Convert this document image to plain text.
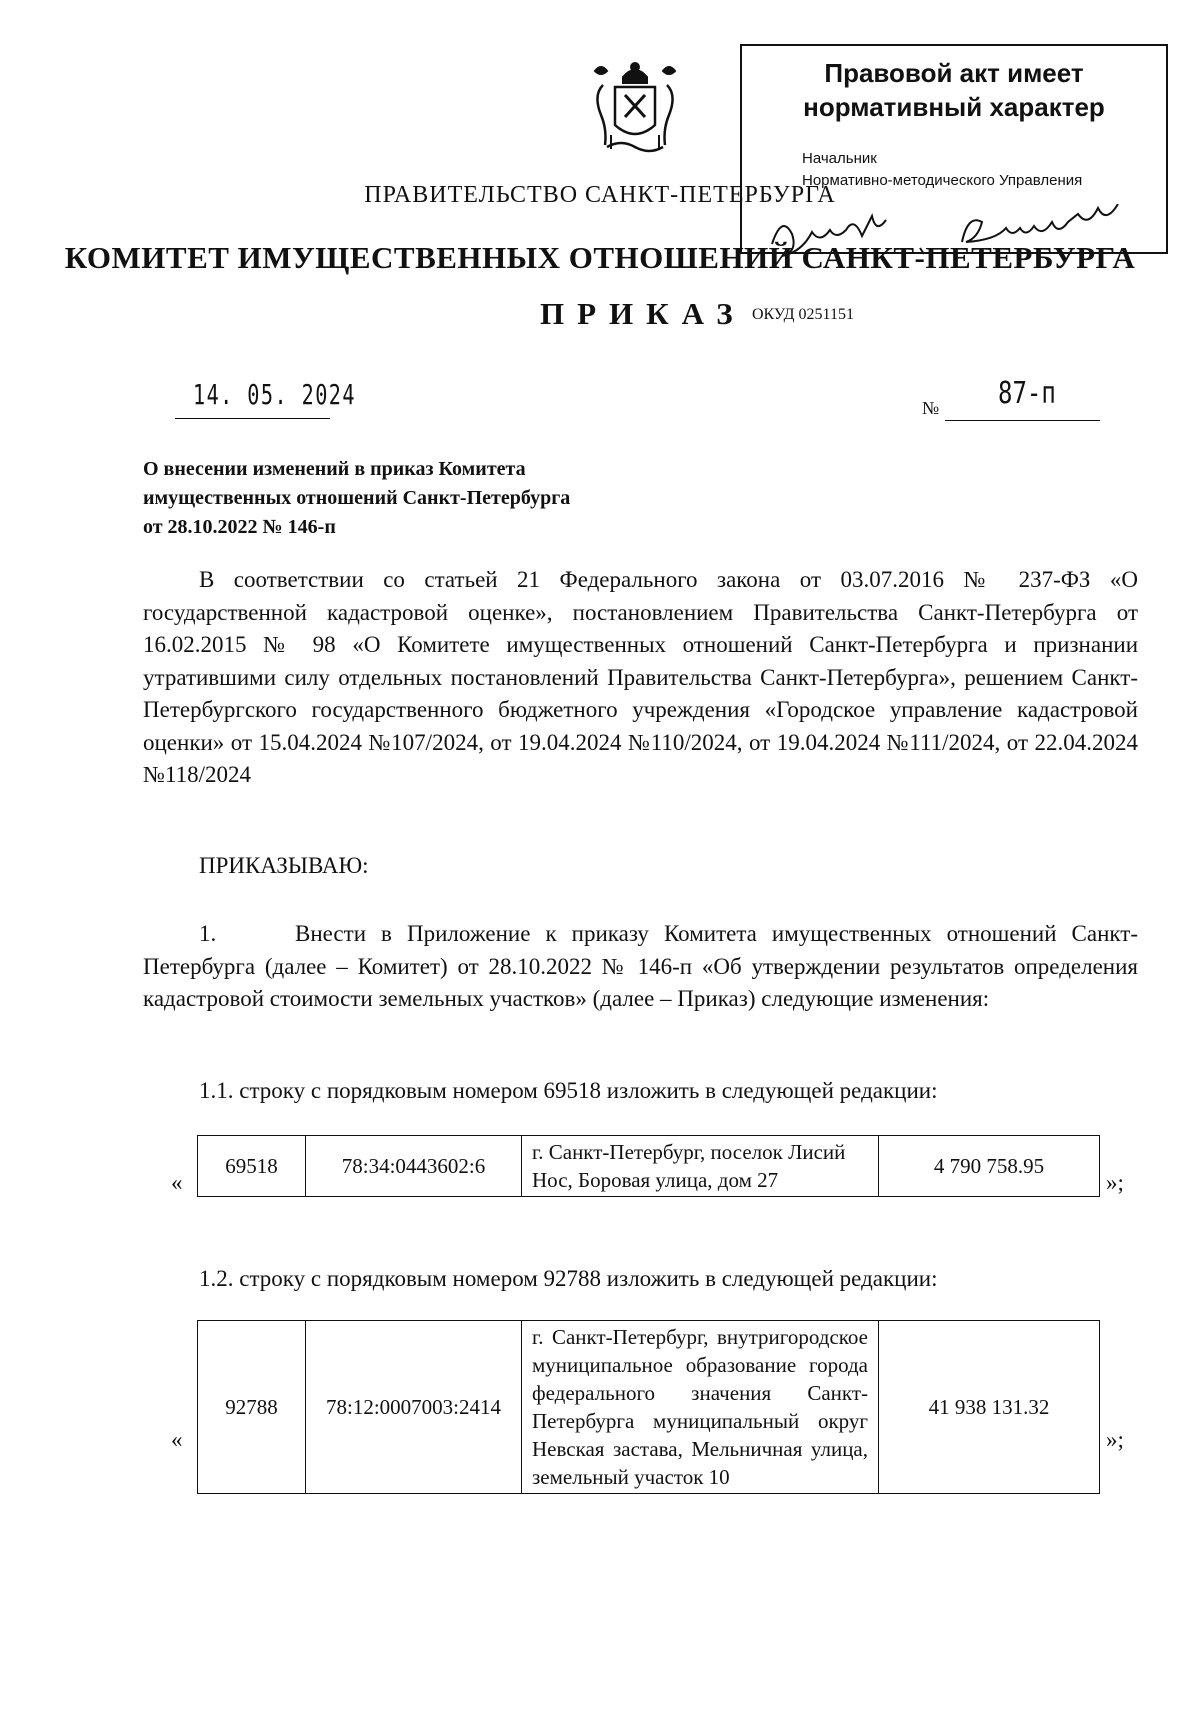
Правовой акт имеет
нормативный характер
Начальник
Нормативно-методического Управления
ПРАВИТЕЛЬСТВО САНКТ-ПЕТЕРБУРГА
КОМИТЕТ ИМУЩЕСТВЕННЫХ ОТНОШЕНИЙ САНКТ-ПЕТЕРБУРГА
ПРИКАЗ ОКУД 0251151
14. 05. 2024	№ 87-п
О внесении изменений в приказ Комитета
имущественных отношений Санкт-Петербурга
от 28.10.2022 № 146-п
В соответствии со статьей 21 Федерального закона от 03.07.2016 № 237-ФЗ «О государственной кадастровой оценке», постановлением Правительства Санкт-Петербурга от 16.02.2015 № 98 «О Комитете имущественных отношений Санкт-Петербурга и признании утратившими силу отдельных постановлений Правительства Санкт-Петербурга», решением Санкт-Петербургского государственного бюджетного учреждения «Городское управление кадастровой оценки» от 15.04.2024 №107/2024, от 19.04.2024 №110/2024, от 19.04.2024 №111/2024, от 22.04.2024 №118/2024
ПРИКАЗЫВАЮ:
1.	Внести в Приложение к приказу Комитета имущественных отношений Санкт-Петербурга (далее – Комитет) от 28.10.2022 № 146-п «Об утверждении результатов определения кадастровой стоимости земельных участков» (далее – Приказ) следующие изменения:
1.1. строку с порядковым номером 69518 изложить в следующей редакции:
«
69518	78:34:0443602:6	г. Санкт-Петербург, поселок Лисий Нос, Боровая улица, дом 27	4 790 758.95
»;
1.2. строку с порядковым номером 92788 изложить в следующей редакции:
«
92788	78:12:0007003:2414	г. Санкт-Петербург, внутригородское муниципальное образование города федерального значения Санкт-Петербурга муниципальный округ Невская застава, Мельничная улица, земельный участок 10	41 938 131.32
»;
